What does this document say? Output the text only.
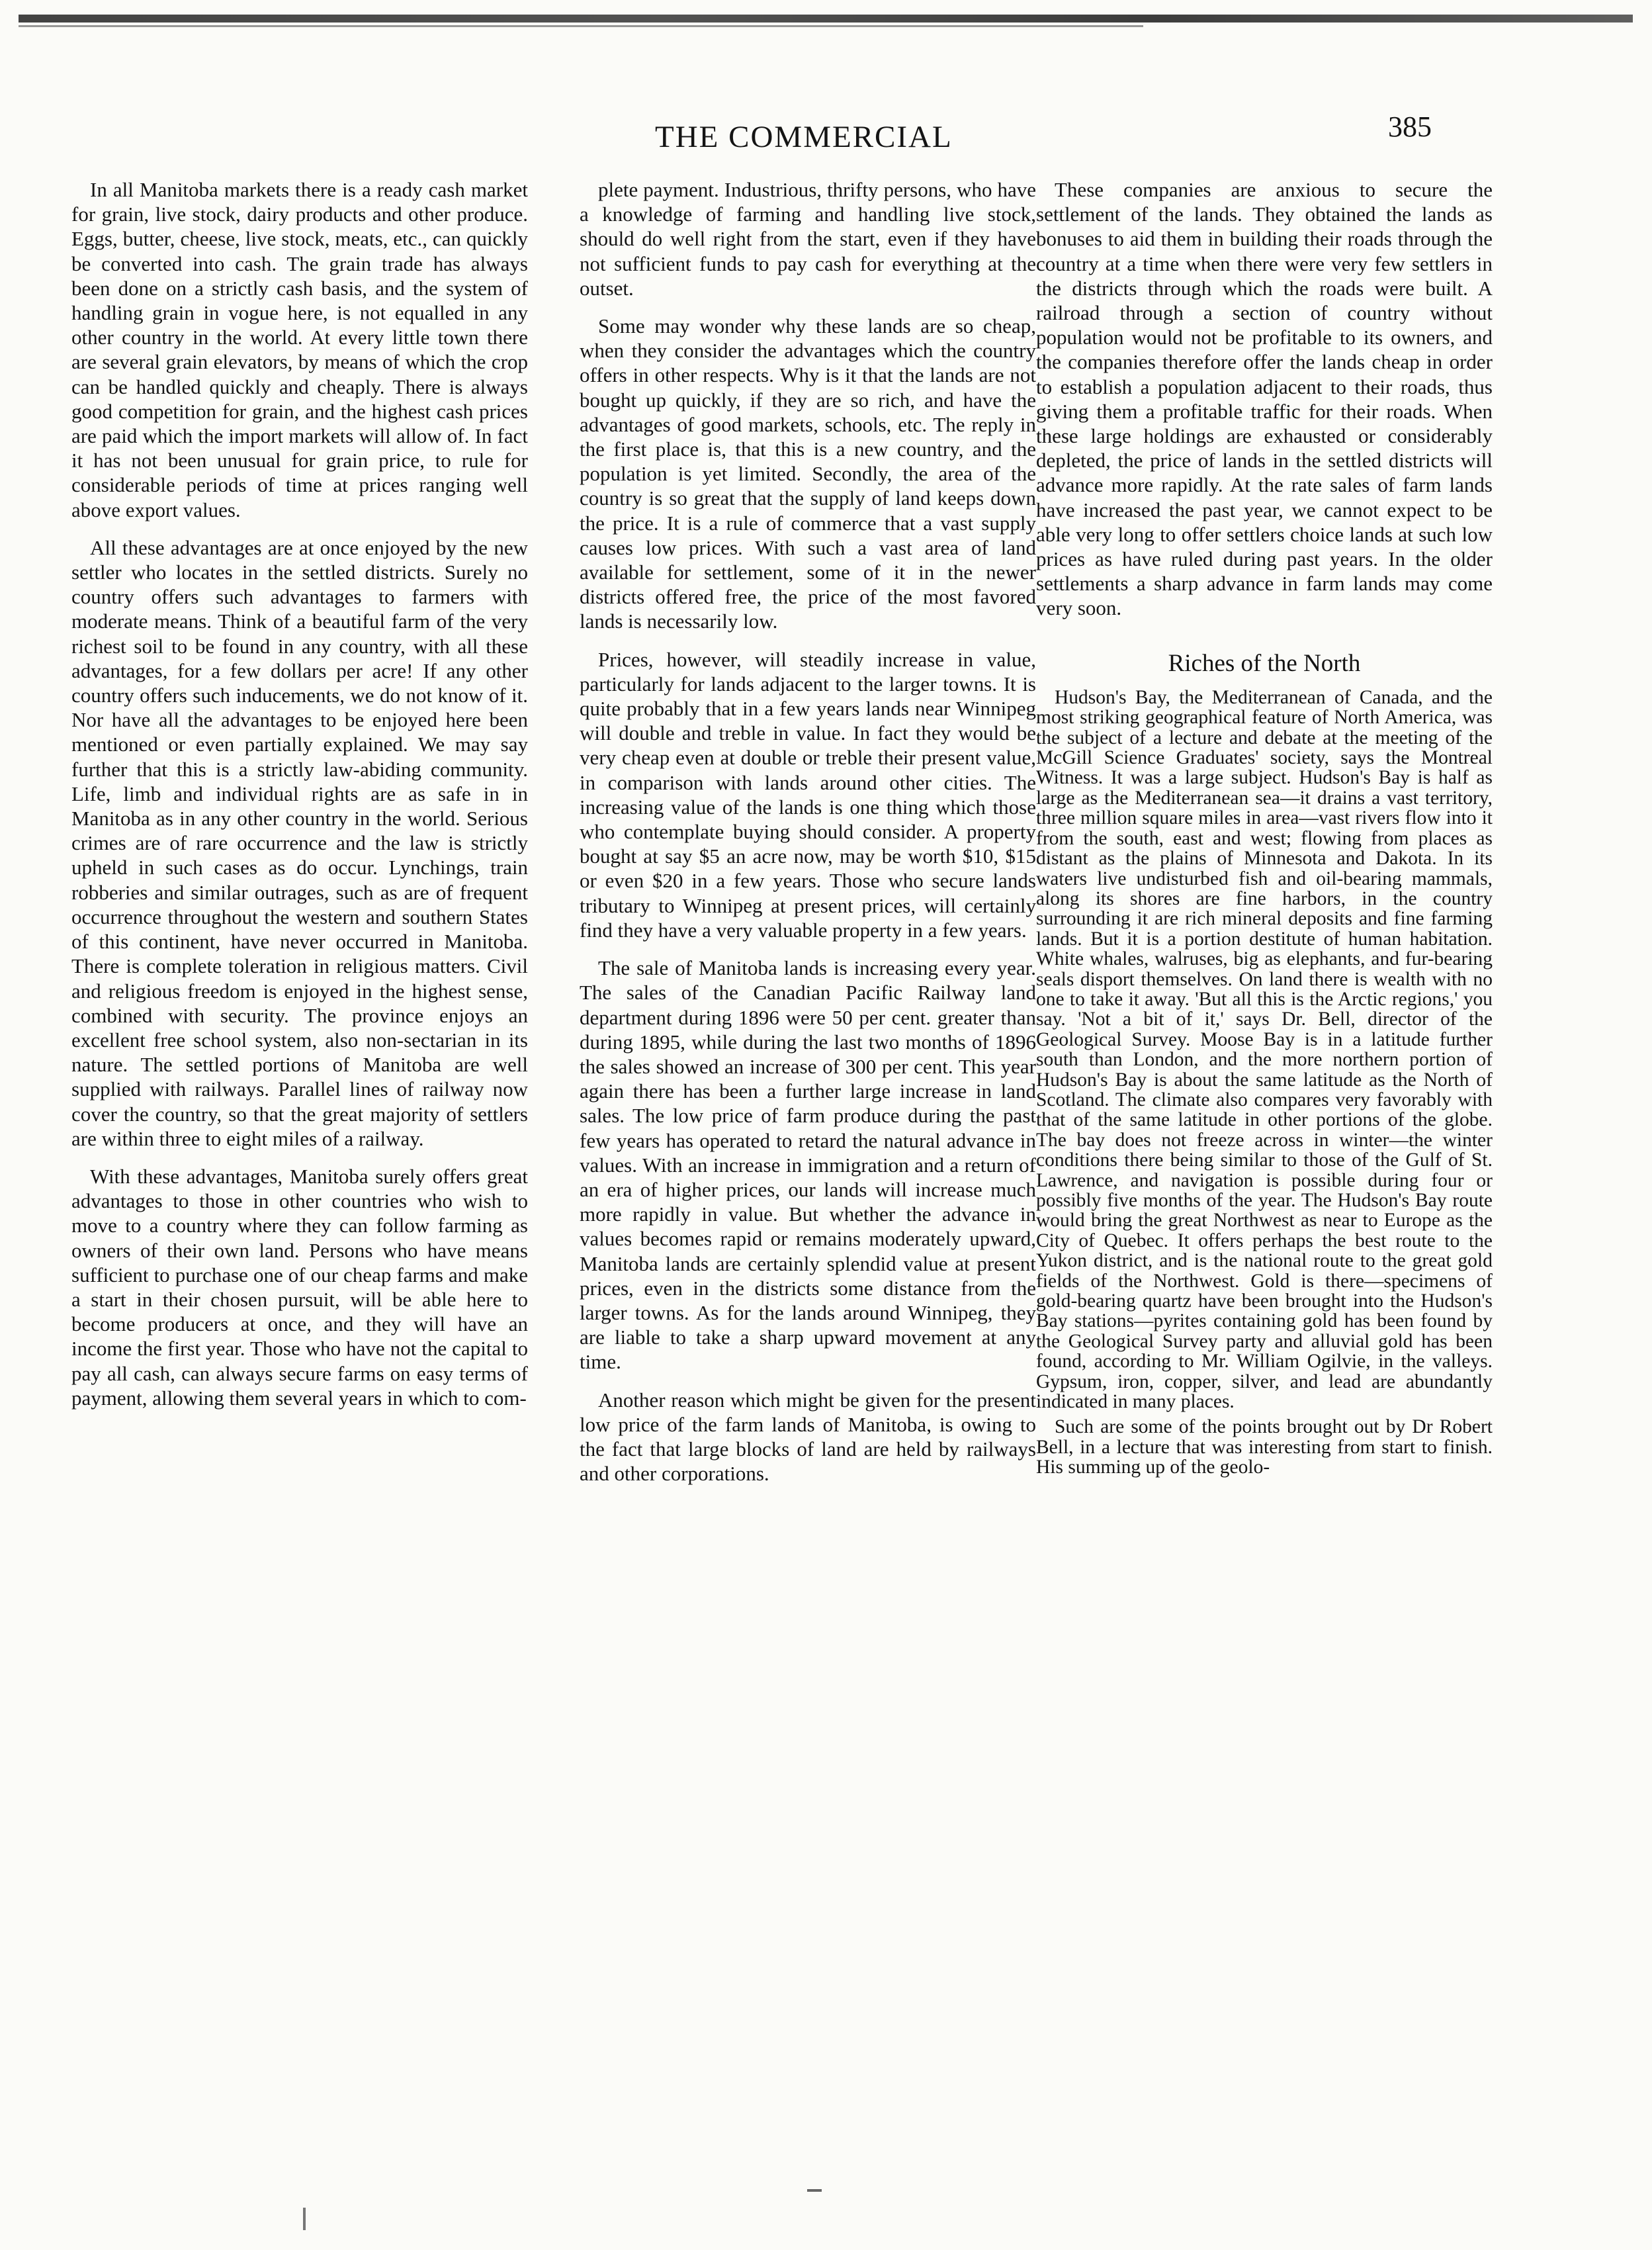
THE COMMERCIAL	385

In all Manitoba markets there is a ready cash market for grain, live stock, dairy products and other produce. Eggs, butter, cheese, live stock, meats, etc., can quickly be converted into cash. The grain trade has always been done on a strictly cash basis, and the system of handling grain in vogue here, is not equalled in any other country in the world. At every little town there are several grain elevators, by means of which the crop can be handled quickly and cheaply. There is always good competition for grain, and the highest cash prices are paid which the import markets will allow of. In fact it has not been unusual for grain price, to rule for considerable periods of time at prices ranging well above export values.

All these advantages are at once enjoyed by the new settler who locates in the settled districts. Surely no country offers such advantages to farmers with moderate means. Think of a beautiful farm of the very richest soil to be found in any country, with all these advantages, for a few dollars per acre! If any other country offers such inducements, we do not know of it. Nor have all the advantages to be enjoyed here been mentioned or even partially explained. We may say further that this is a strictly law-abiding community. Life, limb and individual rights are as safe in in Manitoba as in any other country in the world. Serious crimes are of rare occurrence and the law is strictly upheld in such cases as do occur. Lynchings, train robberies and similar outrages, such as are of frequent occurrence throughout the western and southern States of this continent, have never occurred in Manitoba. There is complete toleration in religious matters. Civil and religious freedom is enjoyed in the highest sense, combined with security. The province enjoys an excellent free school system, also non-sectarian in its nature. The settled portions of Manitoba are well supplied with railways. Parallel lines of railway now cover the country, so that the great majority of settlers are within three to eight miles of a railway.

With these advantages, Manitoba surely offers great advantages to those in other countries who wish to move to a country where they can follow farming as owners of their own land. Persons who have means sufficient to purchase one of our cheap farms and make a start in their chosen pursuit, will be able here to become producers at once, and they will have an income the first year. Those who have not the capital to pay all cash, can always secure farms on easy terms of payment, allowing them several years in which to com-

plete payment. Industrious, thrifty persons, who have a knowledge of farming and handling live stock, should do well right from the start, even if they have not sufficient funds to pay cash for everything at the outset.

Some may wonder why these lands are so cheap, when they consider the advantages which the country offers in other respects. Why is it that the lands are not bought up quickly, if they are so rich, and have the advantages of good markets, schools, etc. The reply in the first place is, that this is a new country, and the population is yet limited. Secondly, the area of the country is so great that the supply of land keeps down the price. It is a rule of commerce that a vast supply causes low prices. With such a vast area of land available for settlement, some of it in the newer districts offered free, the price of the most favored lands is necessarily low.

Prices, however, will steadily increase in value, particularly for lands adjacent to the larger towns. It is quite probably that in a few years lands near Winnipeg will double and treble in value. In fact they would be very cheap even at double or treble their present value, in comparison with lands around other cities. The increasing value of the lands is one thing which those who contemplate buying should consider. A property bought at say $5 an acre now, may be worth $10, $15 or even $20 in a few years. Those who secure lands tributary to Winnipeg at present prices, will certainly find they have a very valuable property in a few years.

The sale of Manitoba lands is increasing every year. The sales of the Canadian Pacific Railway land department during 1896 were 50 per cent. greater than during 1895, while during the last two months of 1896 the sales showed an increase of 300 per cent. This year again there has been a further large increase in land sales. The low price of farm produce during the past few years has operated to retard the natural advance in values. With an increase in immigration and a return of an era of higher prices, our lands will increase much more rapidly in value. But whether the advance in values becomes rapid or remains moderately upward, Manitoba lands are certainly splendid value at present prices, even in the districts some distance from the larger towns. As for the lands around Winnipeg, they are liable to take a sharp upward movement at any time.

Another reason which might be given for the present low price of the farm lands of Manitoba, is owing to the fact that large blocks of land are held by railways and other corporations.

These companies are anxious to secure the settlement of the lands. They obtained the lands as bonuses to aid them in building their roads through the country at a time when there were very few settlers in the districts through which the roads were built. A railroad through a section of country without population would not be profitable to its owners, and the companies therefore offer the lands cheap in order to establish a population adjacent to their roads, thus giving them a profitable traffic for their roads. When these large holdings are exhausted or considerably depleted, the price of lands in the settled districts will advance more rapidly. At the rate sales of farm lands have increased the past year, we cannot expect to be able very long to offer settlers choice lands at such low prices as have ruled during past years. In the older settlements a sharp advance in farm lands may come very soon.

Riches of the North

Hudson's Bay, the Mediterranean of Canada, and the most striking geographical feature of North America, was the subject of a lecture and debate at the meeting of the McGill Science Graduates' society, says the Montreal Witness. It was a large subject. Hudson's Bay is half as large as the Mediterranean sea—it drains a vast territory, three million square miles in area—vast rivers flow into it from the south, east and west; flowing from places as distant as the plains of Minnesota and Dakota. In its waters live undisturbed fish and oil-bearing mammals, along its shores are fine harbors, in the country surrounding it are rich mineral deposits and fine farming lands. But it is a portion destitute of human habitation. White whales, walruses, big as elephants, and fur-bearing seals disport themselves. On land there is wealth with no one to take it away. 'But all this is the Arctic regions,' you say. 'Not a bit of it,' says Dr. Bell, director of the Geological Survey. Moose Bay is in a latitude further south than London, and the more northern portion of Hudson's Bay is about the same latitude as the North of Scotland. The climate also compares very favorably with that of the same latitude in other portions of the globe. The bay does not freeze across in winter—the winter conditions there being similar to those of the Gulf of St. Lawrence, and navigation is possible during four or possibly five months of the year. The Hudson's Bay route would bring the great Northwest as near to Europe as the City of Quebec. It offers perhaps the best route to the Yukon district, and is the national route to the great gold fields of the Northwest. Gold is there—specimens of gold-bearing quartz have been brought into the Hudson's Bay stations—pyrites containing gold has been found by the Geological Survey party and alluvial gold has been found, according to Mr. William Ogilvie, in the valleys. Gypsum, iron, copper, silver, and lead are abundantly indicated in many places.

Such are some of the points brought out by Dr Robert Bell, in a lecture that was interesting from start to finish. His summing up of the geolo-
